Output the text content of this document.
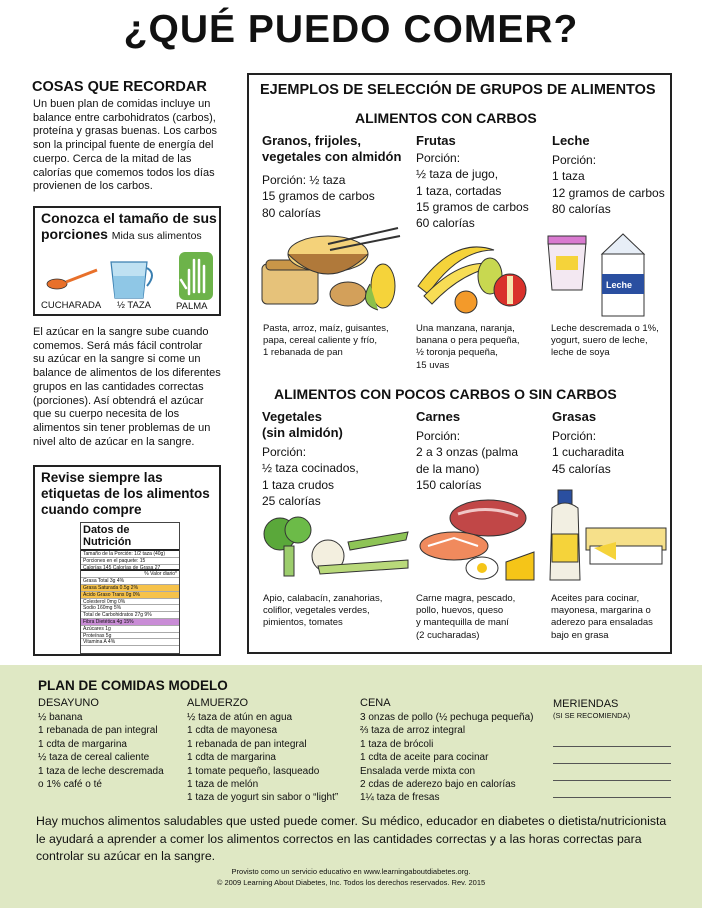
¿QUÉ PUEDO COMER?
COSAS QUE RECORDAR
Un buen plan de comidas incluye un
balance entre carbohidratos (carbos),
proteína y grasas buenas. Los carbos
son la principal fuente de energía del
cuerpo. Cerca de la mitad de las
calorías que comemos todos los días
provienen de los carbos.
Conozca el tamaño de sus
porciones Mida sus alimentos
CUCHARADA ½ TAZA	PALMA
El azúcar en la sangre sube cuando
comemos. Será más fácil controlar
su azúcar en la sangre si come un
balance de alimentos de los diferentes
grupos en las cantidades correctas
(porciones). Así obtendrá el azúcar
que su cuerpo necesita de los
alimentos sin tener problemas de un
nivel alto de azúcar en la sangre.
Revise siempre las
etiquetas de los alimentos
cuando compre
Datos de Nutrición
Tamaño de la Porción: 1/2 taza (40g)
Porciones en el paquete: 15
Calorías 145 Calorías de Grasa 27
% Valor diario*
Grasa Total 3g 4%
Grasa Saturada 0.5g 2%
Ácido Graso Trans 0g 0%
Colesterol 0mg 0%
Sodio 160mg 5%
Total de Carbohidratos 27g 9%
Fibra Dietética 4g 15%
Azúcares 1g
Proteínas 5g
Vitamina A 4%
EJEMPLOS DE SELECCIÓN DE GRUPOS DE ALIMENTOS
ALIMENTOS CON CARBOS
Granos, frijoles,
vegetales con almidón
Porción: ½ taza
15 gramos de carbos
80 calorías
Frutas
Porción:
½ taza de jugo,
1 taza, cortadas
15 gramos de carbos
60 calorías
Leche
Porción:
1 taza
12 gramos de carbos
80 calorías
Leche
Pasta, arroz, maíz, guisantes,
papa, cereal caliente y frío,
1 rebanada de pan
Una manzana, naranja,
banana o pera pequeña,
½ toronja pequeña,
15 uvas
Leche descremada o 1%,
yogurt, suero de leche,
leche de soya
ALIMENTOS CON POCOS CARBOS O SIN CARBOS
Vegetales
(sin almidón)
Porción:
½ taza cocinados,
1 taza crudos
25 calorías
Carnes
Porción:
2 a 3 onzas (palma
de la mano)
150 calorías
Grasas
Porción:
1 cucharadita
45 calorías
Apio, calabacín, zanahorias,
coliflor, vegetales verdes,
pimientos, tomates
Carne magra, pescado,
pollo, huevos, queso
y mantequilla de maní
(2 cucharadas)
Aceites para cocinar,
mayonesa, margarina o
aderezo para ensaladas
bajo en grasa
PLAN DE COMIDAS MODELO
DESAYUNO
½ banana
1 rebanada de pan integral
1 cdta de margarina
½ taza de cereal caliente
1 taza de leche descremada
o 1% café o té
ALMUERZO
½ taza de atún en agua
1 cdta de mayonesa
1 rebanada de pan integral
1 cdta de margarina
1 tomate pequeño, lasqueado
1 taza de melón
1 taza de yogurt sin sabor o “light”
CENA
3 onzas de pollo (½ pechuga pequeña)
⅔ taza de arroz integral
1 taza de brócoli
1 cdta de aceite para cocinar
Ensalada verde mixta con
2 cdas de aderezo bajo en calorías
1¼ taza de fresas
MERIENDAS
(SI SE RECOMIENDA)
Hay muchos alimentos saludables que usted puede comer. Su médico, educador en diabetes o dietista/nutricionista le ayudará a aprender a comer los alimentos correctos en las cantidades correctas y a las horas correctas para controlar su azúcar en la sangre.
Provisto como un servicio educativo en www.learningaboutdiabetes.org.
© 2009 Learning About Diabetes, Inc. Todos los derechos reservados. Rev. 2015
